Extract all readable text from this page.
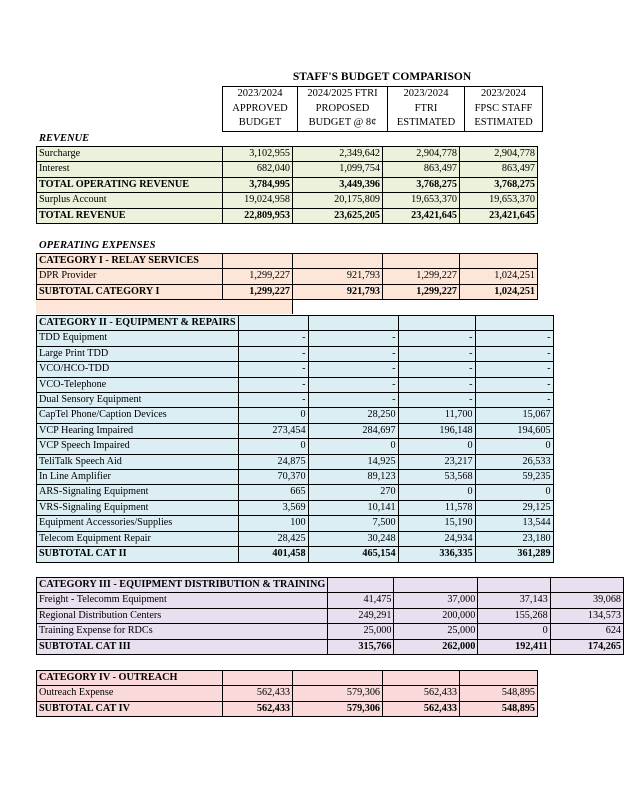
STAFF'S BUDGET COMPARISON
2023/2024
APPROVED
BUDGET

2024/2025 FTRI
PROPOSED
BUDGET @ 8¢

2023/2024
FTRI
ESTIMATED

2023/2024
FPSC STAFF
ESTIMATED
REVENUE
Surcharge	3,102,955	2,349,642	2,904,778	2,904,778
Interest	682,040	1,099,754	863,497	863,497
TOTAL OPERATING REVENUE	3,784,995	3,449,396	3,768,275	3,768,275
Surplus Account	19,024,958	20,175,809	19,653,370	19,653,370
TOTAL REVENUE	22,809,953	23,625,205	23,421,645	23,421,645
OPERATING EXPENSES
CATEGORY I - RELAY SERVICES				
DPR Provider	1,299,227	921,793	1,299,227	1,024,251
SUBTOTAL CATEGORY I	1,299,227	921,793	1,299,227	1,024,251
CATEGORY II - EQUIPMENT & REPAIRS				
TDD Equipment	-	-	-	-
Large Print TDD	-	-	-	-
VCO/HCO-TDD	-	-	-	-
VCO-Telephone	-	-	-	-
Dual Sensory Equipment	-	-	-	-
CapTel Phone/Caption Devices	0	28,250	11,700	15,067
VCP Hearing Impaired	273,454	284,697	196,148	194,605
VCP Speech Impaired	0	0	0	0
TeliTalk Speech Aid	24,875	14,925	23,217	26,533
In Line Amplifier	70,370	89,123	53,568	59,235
ARS-Signaling Equipment	665	270	0	0
VRS-Signaling Equipment	3,569	10,141	11,578	29,125
Equipment Accessories/Supplies	100	7,500	15,190	13,544
Telecom Equipment Repair	28,425	30,248	24,934	23,180
SUBTOTAL CAT II	401,458	465,154	336,335	361,289
CATEGORY III - EQUIPMENT DISTRIBUTION & TRAINING				
Freight - Telecomm Equipment	41,475	37,000	37,143	39,068
Regional Distribution Centers	249,291	200,000	155,268	134,573
Training Expense for RDCs	25,000	25,000	0	624
SUBTOTAL CAT III	315,766	262,000	192,411	174,265
CATEGORY IV - OUTREACH				
Outreach Expense	562,433	579,306	562,433	548,895
SUBTOTAL CAT IV	562,433	579,306	562,433	548,895
